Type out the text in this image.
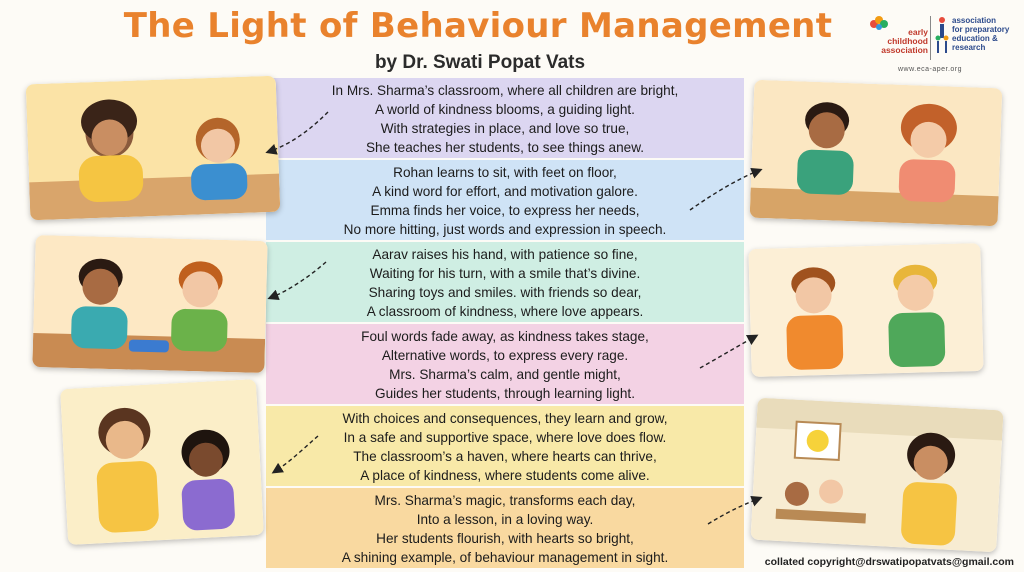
The Light of Behaviour Management
by Dr. Swati Popat Vats
early
childhood
association
association
for preparatory
education &
research
www.eca-aper.org
In Mrs. Sharma’s classroom, where all children are bright,
A world of kindness blooms, a guiding light.
With strategies in place, and love so true,
She teaches her students, to see things anew.
Rohan learns to sit, with feet on floor,
A kind word for effort, and motivation galore.
Emma finds her voice, to express her needs,
No more hitting, just words and expression in speech.
Aarav raises his hand, with patience so fine,
Waiting for his turn, with a smile that’s divine.
Sharing toys and smiles. with friends so dear,
A classroom of kindness, where love appears.
Foul words fade away, as kindness takes stage,
Alternative words, to express every rage.
Mrs. Sharma’s calm, and gentle might,
Guides her students, through learning light.
With choices and consequences, they learn and grow,
In a safe and supportive space, where love does flow.
The classroom’s a haven, where hearts can thrive,
A place of kindness, where students come alive.
Mrs. Sharma’s magic, transforms each day,
Into a lesson, in a loving way.
Her students flourish, with hearts so bright,
A shining example, of behaviour management in sight.	collated copyright@drswatipopatvats@gmail.com
